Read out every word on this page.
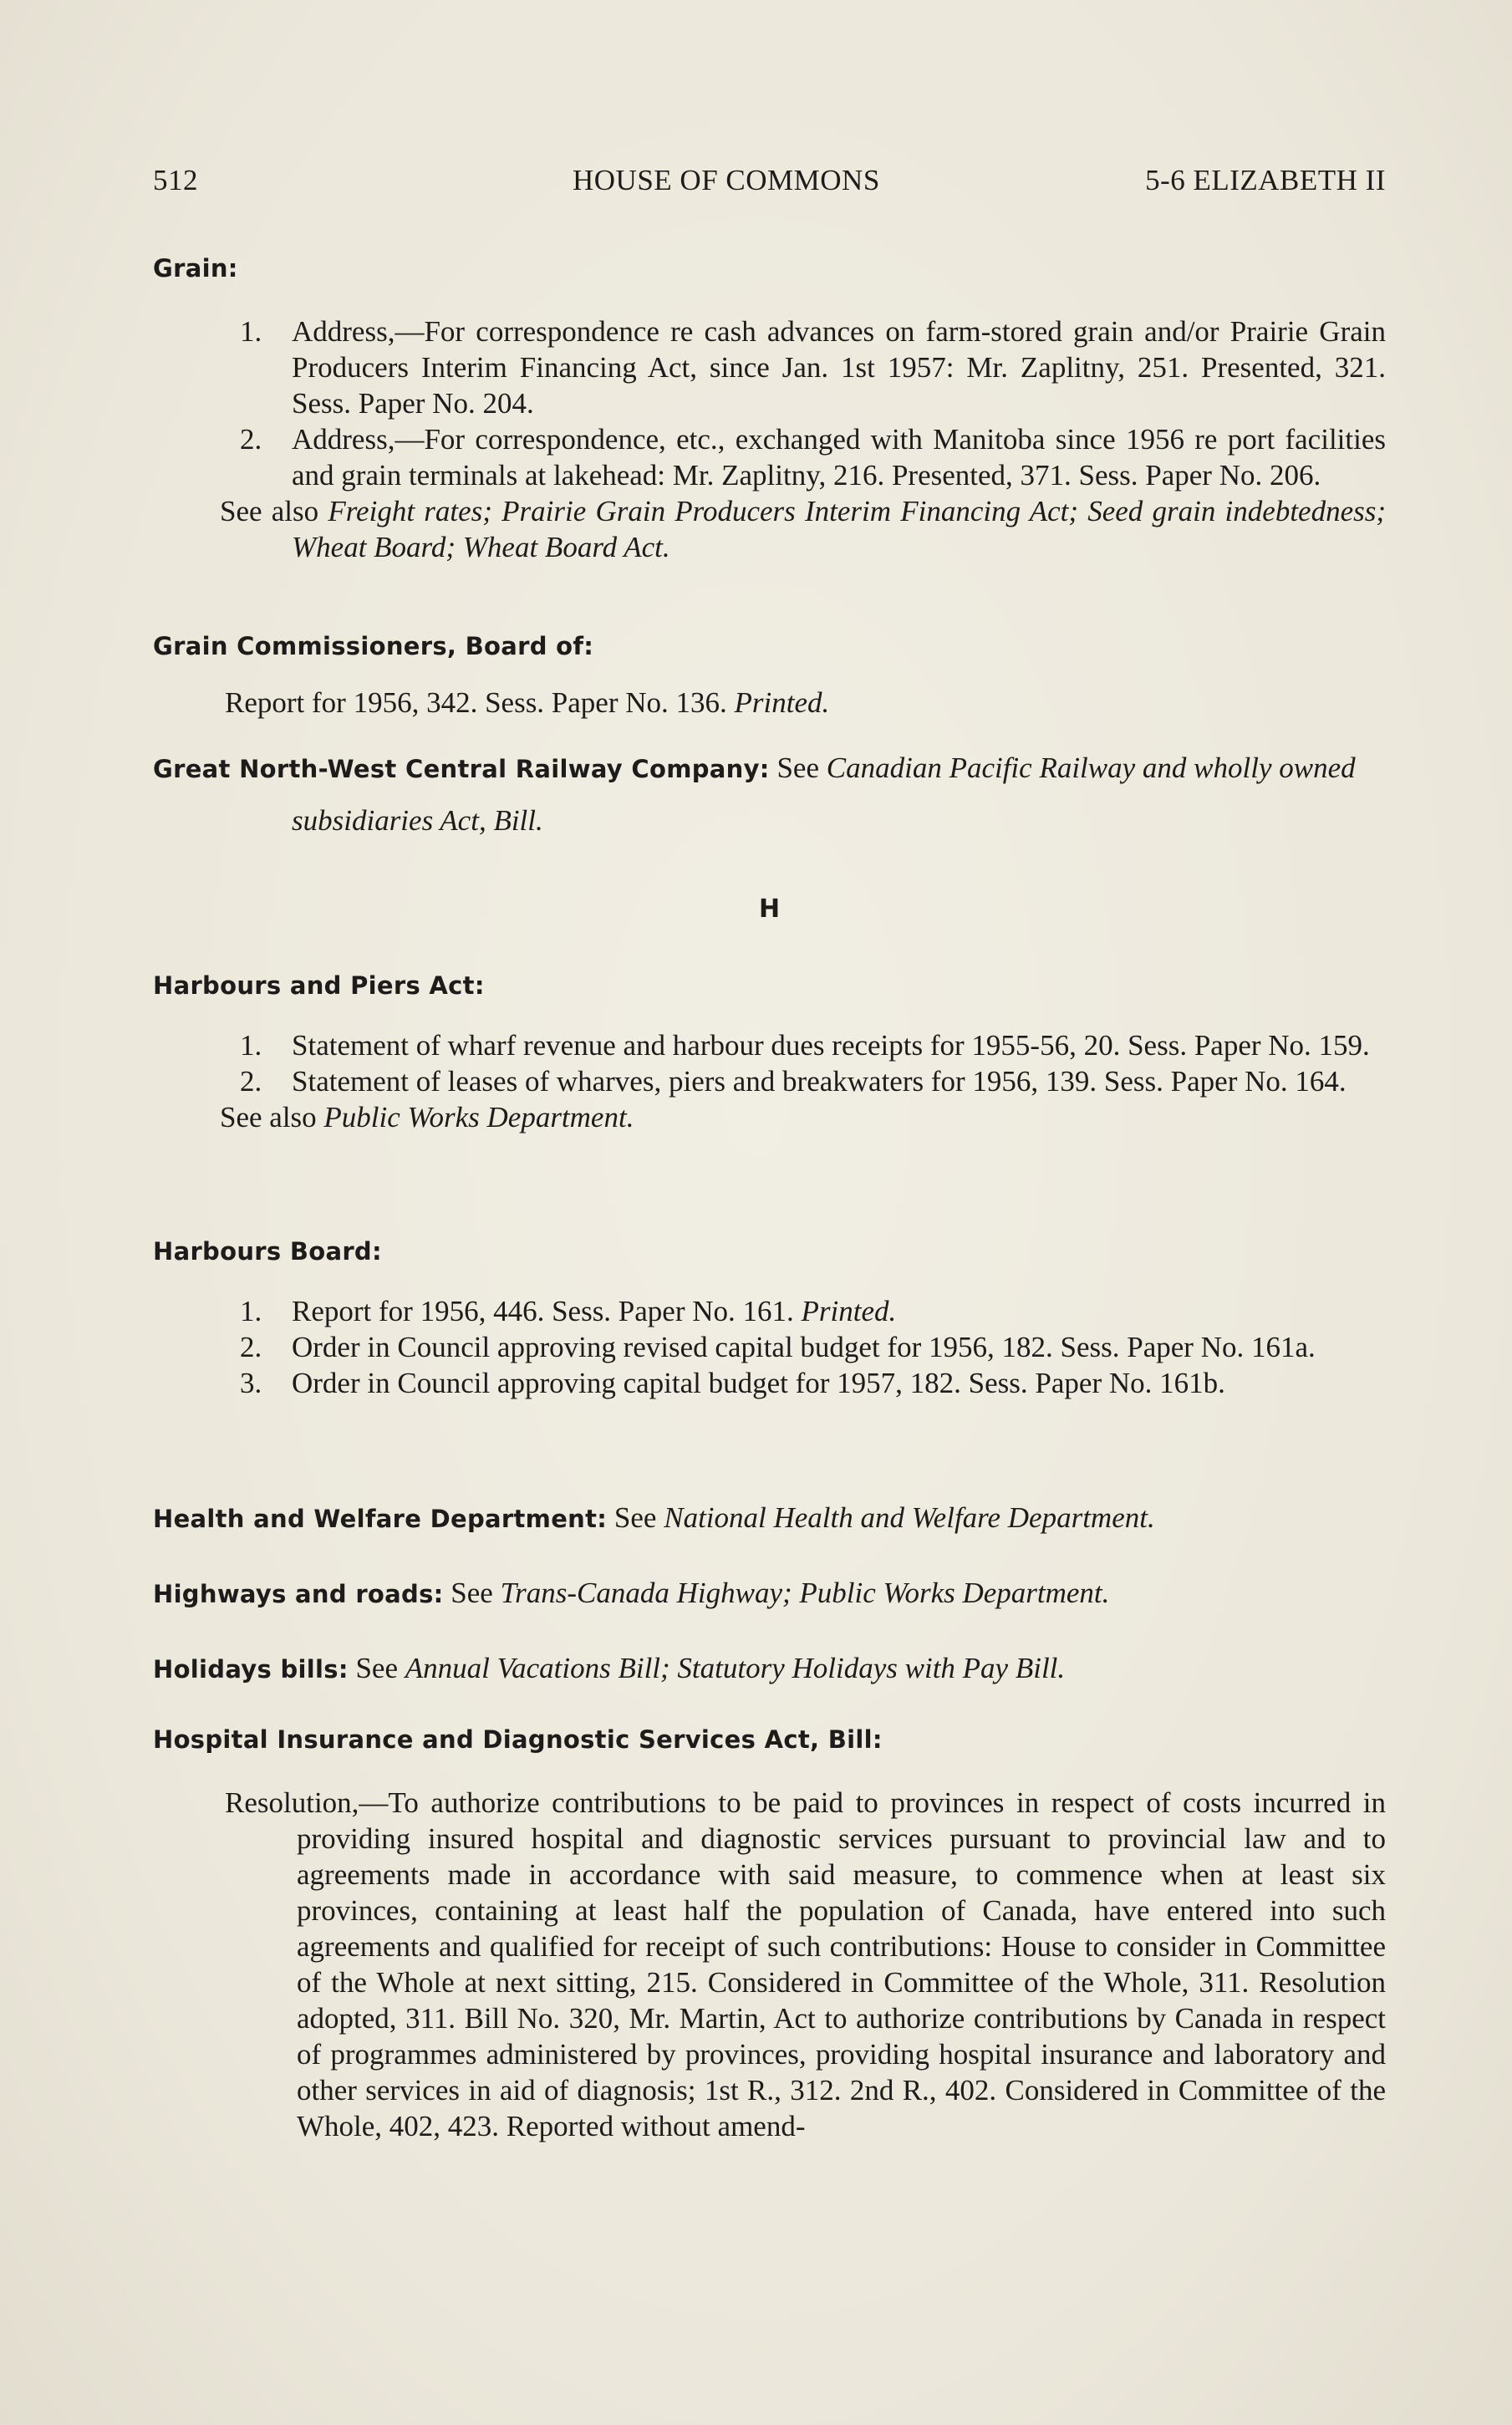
512	HOUSE OF COMMONS	5-6 ELIZABETH II
Grain:
1. Address,—For correspondence re cash advances on farm-stored grain and/or Prairie Grain Producers Interim Financing Act, since Jan. 1st 1957: Mr. Zaplitny, 251. Presented, 321. Sess. Paper No. 204.
2. Address,—For correspondence, etc., exchanged with Manitoba since 1956 re port facilities and grain terminals at lakehead: Mr. Zaplitny, 216. Presented, 371. Sess. Paper No. 206.
See also Freight rates; Prairie Grain Producers Interim Financing Act; Seed grain indebtedness; Wheat Board; Wheat Board Act.
Grain Commissioners, Board of:
Report for 1956, 342. Sess. Paper No. 136. Printed.
Great North-West Central Railway Company: See Canadian Pacific Railway and wholly owned subsidiaries Act, Bill.
H
Harbours and Piers Act:
1. Statement of wharf revenue and harbour dues receipts for 1955-56, 20. Sess. Paper No. 159.
2. Statement of leases of wharves, piers and breakwaters for 1956, 139. Sess. Paper No. 164.
See also Public Works Department.
Harbours Board:
1. Report for 1956, 446. Sess. Paper No. 161. Printed.
2. Order in Council approving revised capital budget for 1956, 182. Sess. Paper No. 161a.
3. Order in Council approving capital budget for 1957, 182. Sess. Paper No. 161b.
Health and Welfare Department: See National Health and Welfare Department.
Highways and roads: See Trans-Canada Highway; Public Works Department.
Holidays bills: See Annual Vacations Bill; Statutory Holidays with Pay Bill.
Hospital Insurance and Diagnostic Services Act, Bill:
Resolution,—To authorize contributions to be paid to provinces in respect of costs incurred in providing insured hospital and diagnostic services pursuant to provincial law and to agreements made in accordance with said measure, to commence when at least six provinces, containing at least half the population of Canada, have entered into such agreements and qualified for receipt of such contributions: House to consider in Committee of the Whole at next sitting, 215. Considered in Committee of the Whole, 311. Resolution adopted, 311. Bill No. 320, Mr. Martin, Act to authorize contributions by Canada in respect of programmes administered by provinces, providing hospital insurance and laboratory and other services in aid of diagnosis; 1st R., 312. 2nd R., 402. Considered in Committee of the Whole, 402, 423. Reported without amend-
